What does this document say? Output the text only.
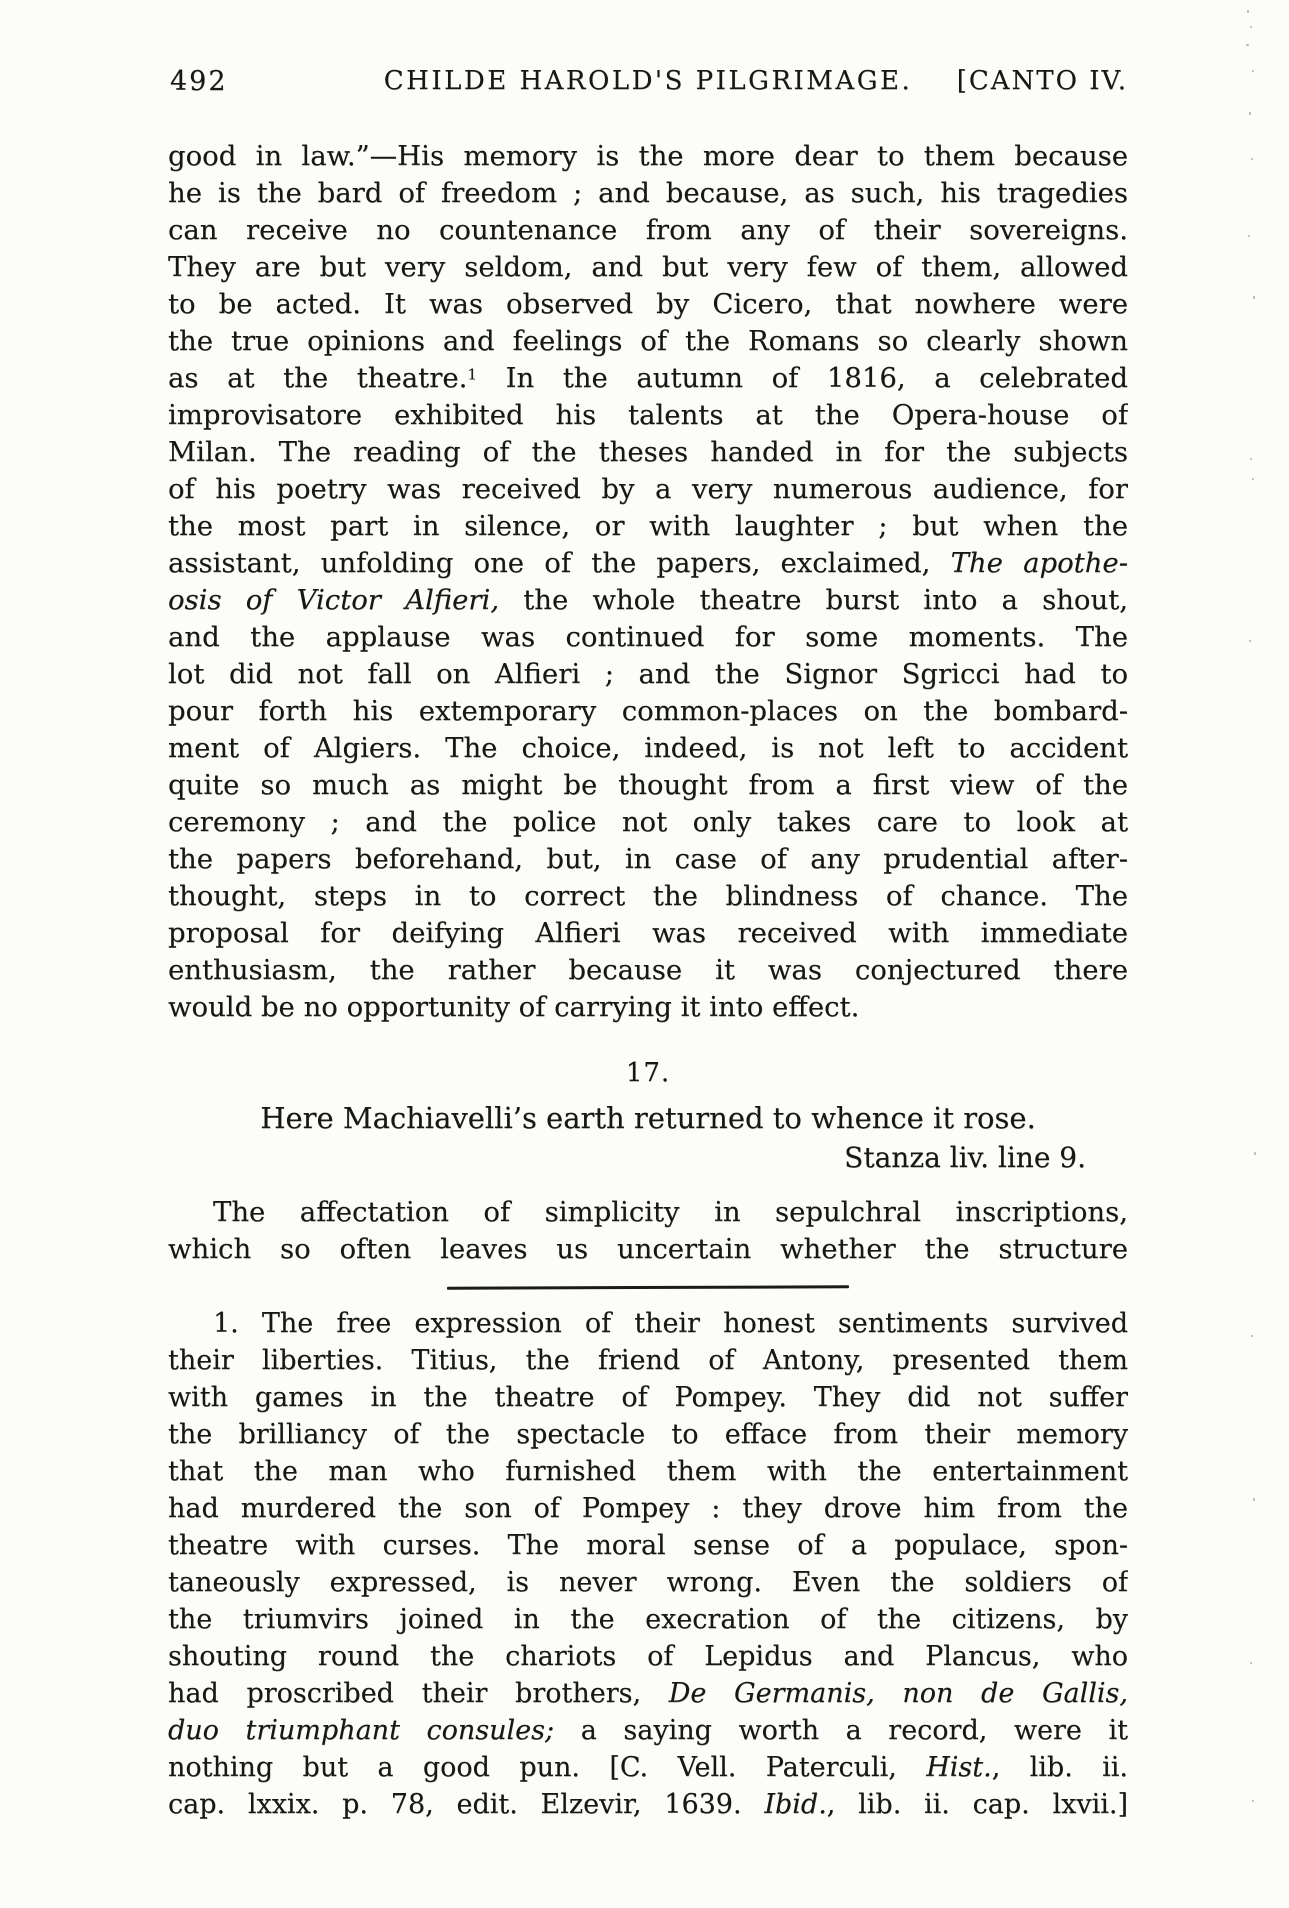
492	CHILDE HAROLD'S PILGRIMAGE. [CANTO IV.
good in law.”—His memory is the more dear to them because
he is the bard of freedom ; and because, as such, his tragedies
can receive no countenance from any of their sovereigns.
They are but very seldom, and but very few of them, allowed
to be acted. It was observed by Cicero, that nowhere were
the true opinions and feelings of the Romans so clearly shown
as at the theatre.$^1$ In the autumn of 1816, a celebrated
improvisatore exhibited his talents at the Opera-house of
Milan. The reading of the theses handed in for the subjects
of his poetry was received by a very numerous audience, for
the most part in silence, or with laughter ; but when the
assistant, unfolding one of the papers, exclaimed, The apothe-
osis of Victor Alfieri, the whole theatre burst into a shout,
and the applause was continued for some moments. The
lot did not fall on Alfieri ; and the Signor Sgricci had to
pour forth his extemporary common-places on the bombard-
ment of Algiers. The choice, indeed, is not left to accident
quite so much as might be thought from a first view of the
ceremony ; and the police not only takes care to look at
the papers beforehand, but, in case of any prudential after-
thought, steps in to correct the blindness of chance. The
proposal for deifying Alfieri was received with immediate
enthusiasm, the rather because it was conjectured there
would be no opportunity of carrying it into effect.
17.
Here Machiavelli’s earth returned to whence it rose.
Stanza liv. line 9.
The affectation of simplicity in sepulchral inscriptions,
which so often leaves us uncertain whether the structure
1. The free expression of their honest sentiments survived
their liberties. Titius, the friend of Antony, presented them
with games in the theatre of Pompey. They did not suffer
the brilliancy of the spectacle to efface from their memory
that the man who furnished them with the entertainment
had murdered the son of Pompey : they drove him from the
theatre with curses. The moral sense of a populace, spon-
taneously expressed, is never wrong. Even the soldiers of
the triumvirs joined in the execration of the citizens, by
shouting round the chariots of Lepidus and Plancus, who
had proscribed their brothers, De Germanis, non de Gallis,
duo triumphant consules; a saying worth a record, were it
nothing but a good pun. [C. Vell. Paterculi, Hist., lib. ii.
cap. lxxix. p. 78, edit. Elzevir, 1639. Ibid., lib. ii. cap. lxvii.]
